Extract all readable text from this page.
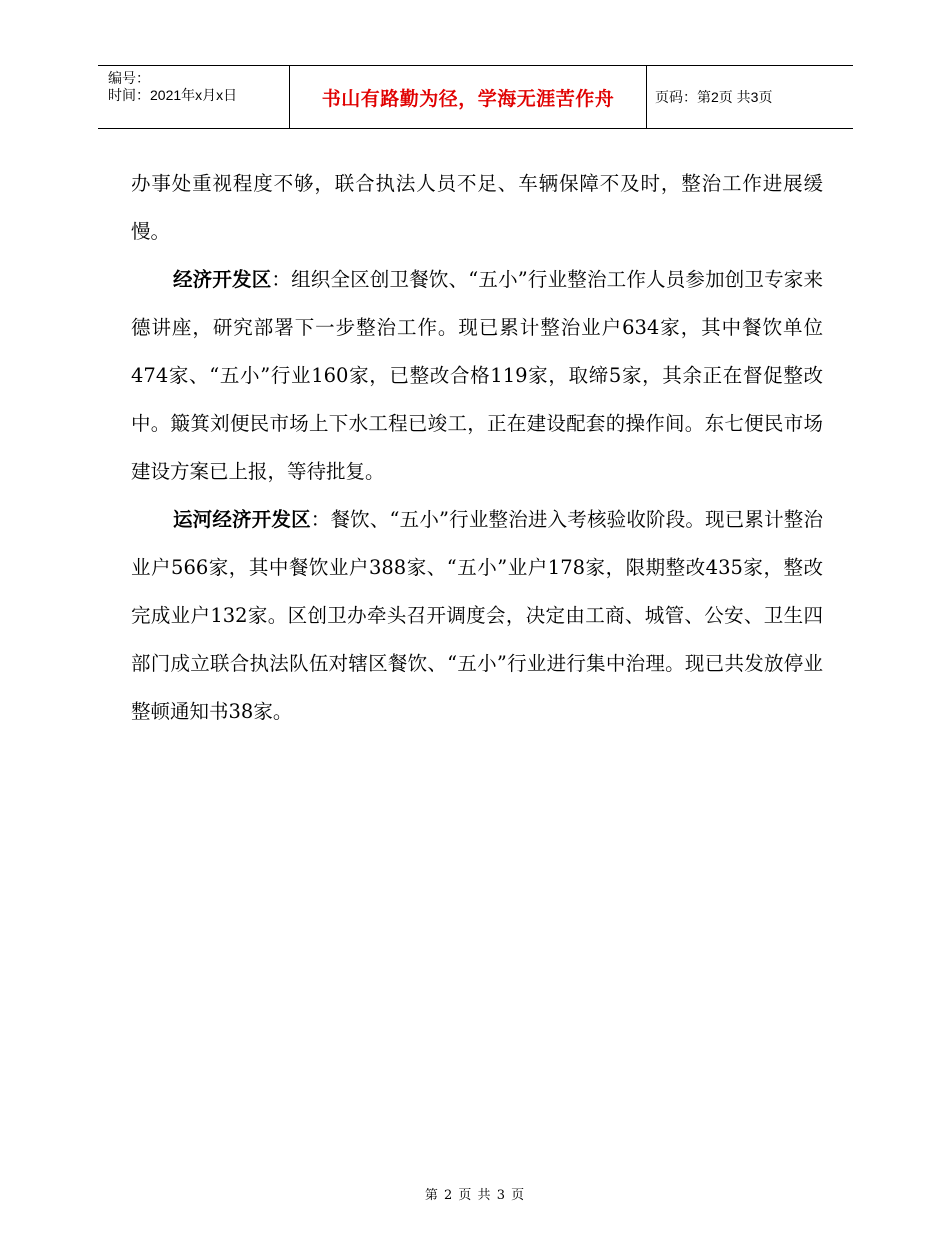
编号：
时间：2021年x月x日	书山有路勤为径，学海无涯苦作舟	页码：第2页 共3页

办事处重视程度不够，联合执法人员不足、车辆保障不及时，整治工作进展缓慢。

经济开发区：组织全区创卫餐饮、“五小”行业整治工作人员参加创卫专家来德讲座，研究部署下一步整治工作。现已累计整治业户634家，其中餐饮单位474家、“五小”行业160家，已整改合格119家，取缔5家，其余正在督促整改中。簸箕刘便民市场上下水工程已竣工，正在建设配套的操作间。东七便民市场建设方案已上报，等待批复。

运河经济开发区：餐饮、“五小”行业整治进入考核验收阶段。现已累计整治业户566家，其中餐饮业户388家、“五小”业户178家，限期整改435家，整改完成业户132家。区创卫办牵头召开调度会，决定由工商、城管、公安、卫生四部门成立联合执法队伍对辖区餐饮、“五小”行业进行集中治理。现已共发放停业整顿通知书38家。

第 2 页 共 3 页
